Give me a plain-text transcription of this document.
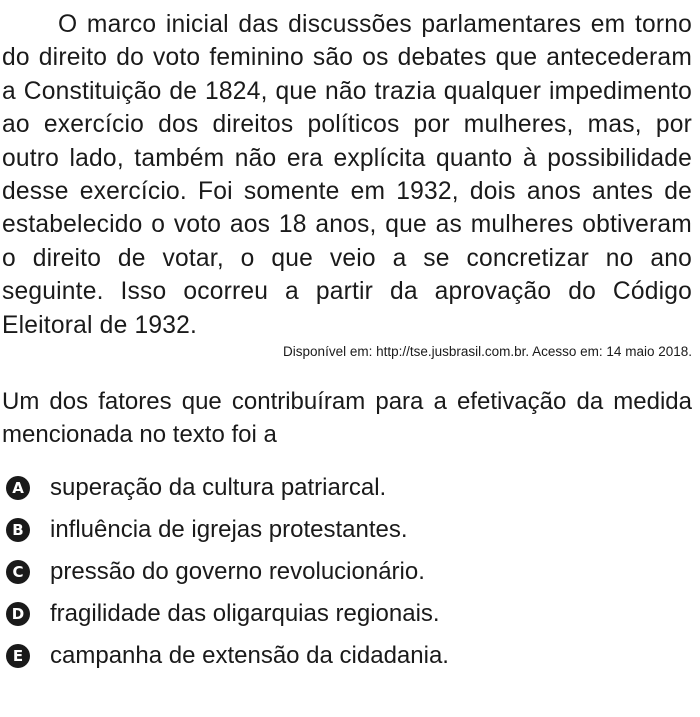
O marco inicial das discussões parlamentares em torno do direito do voto feminino são os debates que antecederam a Constituição de 1824, que não trazia qualquer impedimento ao exercício dos direitos políticos por mulheres, mas, por outro lado, também não era explícita quanto à possibilidade desse exercício. Foi somente em 1932, dois anos antes de estabelecido o voto aos 18 anos, que as mulheres obtiveram o direito de votar, o que veio a se concretizar no ano seguinte. Isso ocorreu a partir da aprovação do Código Eleitoral de 1932.

Disponível em: http://tse.jusbrasil.com.br. Acesso em: 14 maio 2018.

Um dos fatores que contribuíram para a efetivação da medida mencionada no texto foi a

A superação da cultura patriarcal.
B influência de igrejas protestantes.
C pressão do governo revolucionário.
D fragilidade das oligarquias regionais.
E campanha de extensão da cidadania.
